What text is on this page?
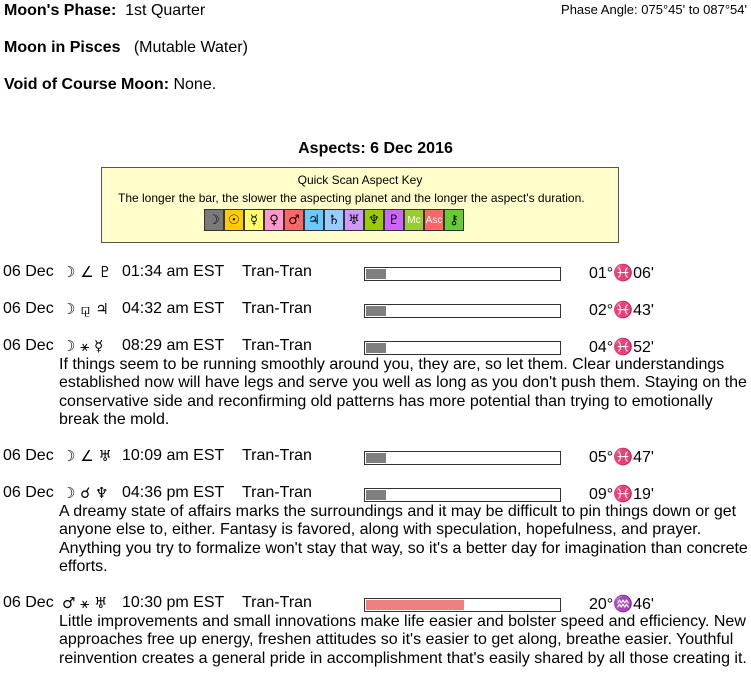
Moon's Phase: 1st Quarter	Phase Angle: 075°45' to 087°54'
Moon in Pisces (Mutable Water)
Void of Course Moon: None.
Aspects: 6 Dec 2016
Quick Scan Aspect Key
The longer the bar, the slower the aspecting planet and the longer the aspect's duration.
☽ ☉ ☿ ♀ ♂ ♃ ♄ ♅ ♆ ♇ Mc Asc ⚷
06 Dec ☽ ∠ ♇ 01:34 am EST Tran-Tran	01°♓06'
06 Dec ☽ ⚼ ♃ 04:32 am EST Tran-Tran	02°♓43'
06 Dec ☽ ⚹ ☿ 08:29 am EST Tran-Tran	04°♓52'
If things seem to be running smoothly around you, they are, so let them. Clear understandings established now will have legs and serve you well as long as you don't push them. Staying on the conservative side and reconfirming old patterns has more potential than trying to emotionally break the mold.
06 Dec ☽ ∠ ♅ 10:09 am EST Tran-Tran	05°♓47'
06 Dec ☽ ☌ ♆ 04:36 pm EST Tran-Tran	09°♓19'
A dreamy state of affairs marks the surroundings and it may be difficult to pin things down or get anyone else to, either. Fantasy is favored, along with speculation, hopefulness, and prayer. Anything you try to formalize won't stay that way, so it's a better day for imagination than concrete efforts.
06 Dec ♂ ⚹ ♅ 10:30 pm EST Tran-Tran	20°♒46'
Little improvements and small innovations make life easier and bolster speed and efficiency. New approaches free up energy, freshen attitudes so it's easier to get along, breathe easier. Youthful reinvention creates a general pride in accomplishment that's easily shared by all those creating it.
